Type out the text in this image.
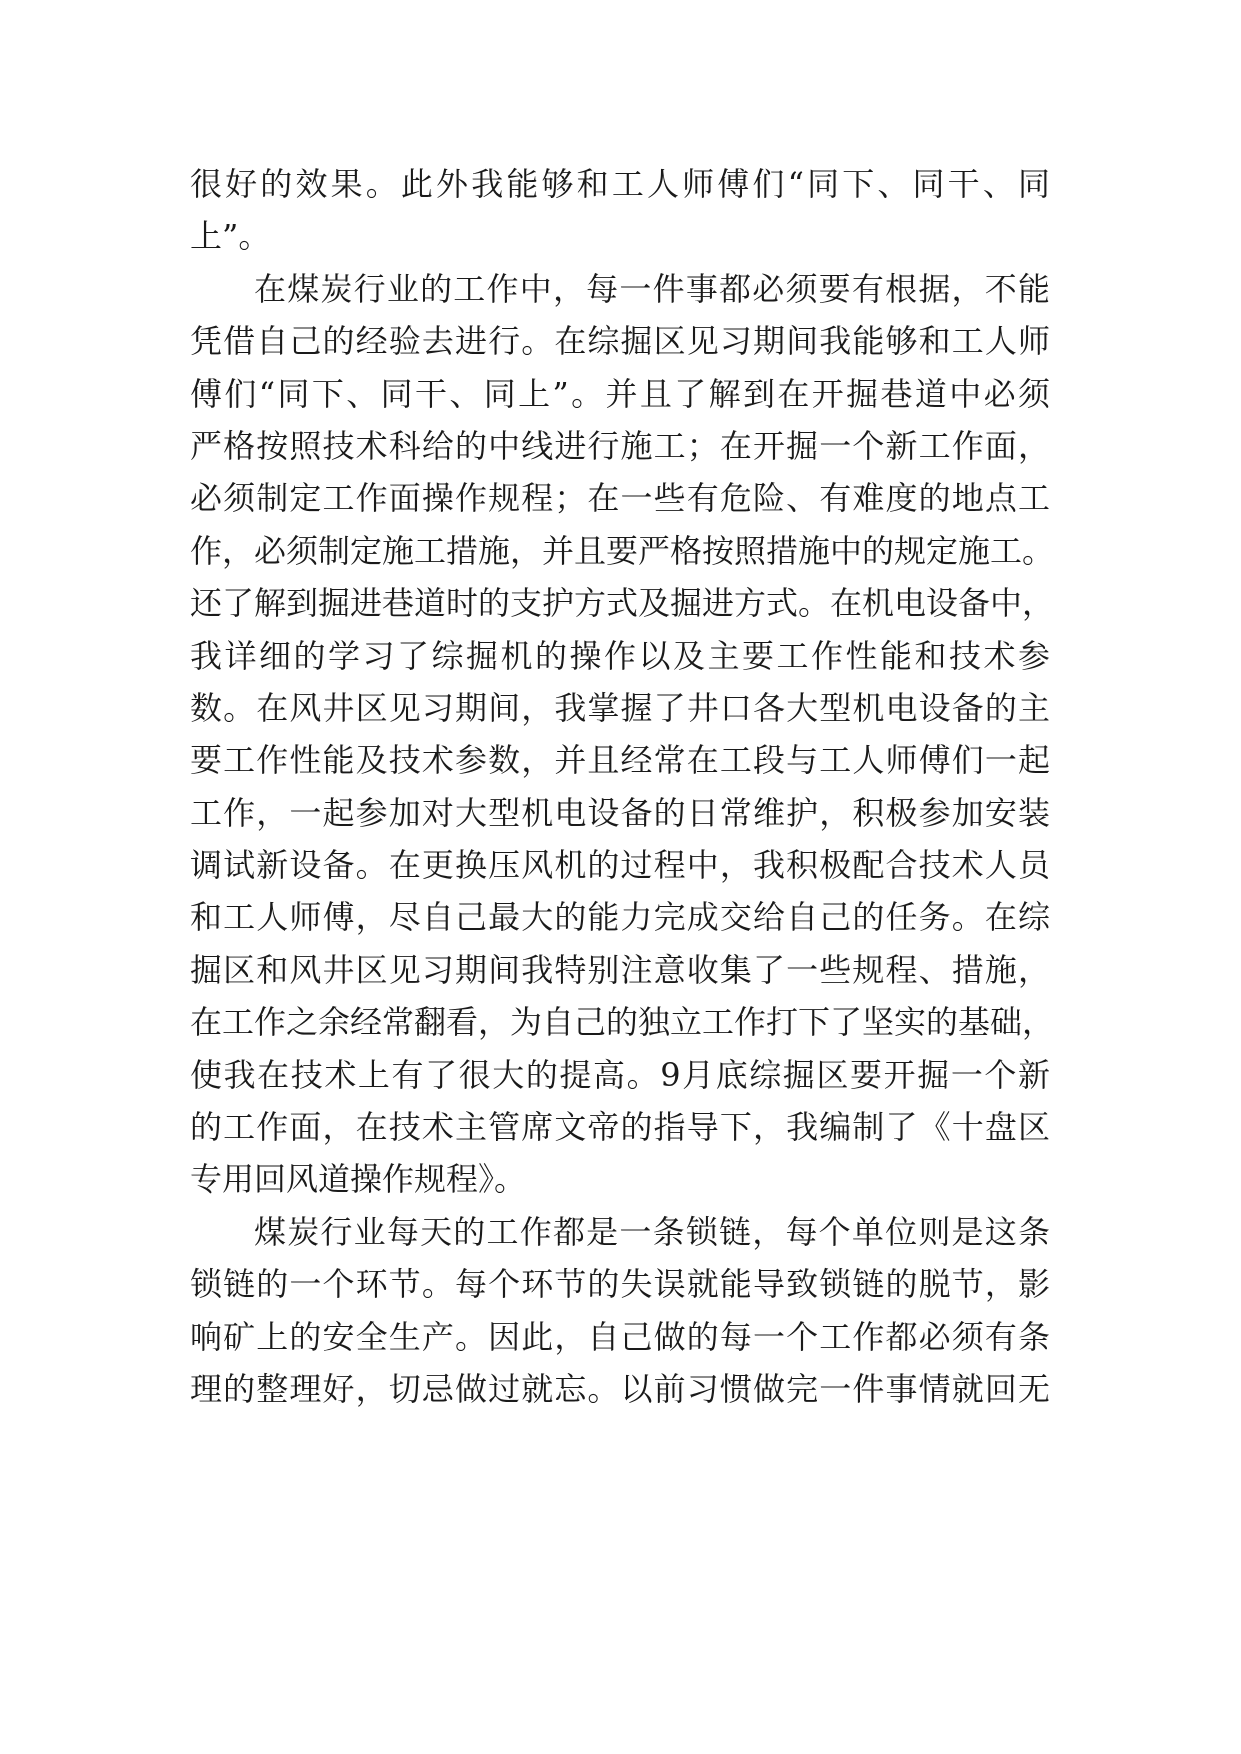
很好的效果。此外我能够和工人师傅们“同下、同干、同
上”。
在煤炭行业的工作中，每一件事都必须要有根据，不能
凭借自己的经验去进行。在综掘区见习期间我能够和工人师
傅们“同下、同干、同上”。并且了解到在开掘巷道中必须
严格按照技术科给的中线进行施工；在开掘一个新工作面，
必须制定工作面操作规程；在一些有危险、有难度的地点工
作，必须制定施工措施，并且要严格按照措施中的规定施工。
还了解到掘进巷道时的支护方式及掘进方式。在机电设备中，
我详细的学习了综掘机的操作以及主要工作性能和技术参
数。在风井区见习期间，我掌握了井口各大型机电设备的主
要工作性能及技术参数，并且经常在工段与工人师傅们一起
工作，一起参加对大型机电设备的日常维护，积极参加安装
调试新设备。在更换压风机的过程中，我积极配合技术人员
和工人师傅，尽自己最大的能力完成交给自己的任务。在综
掘区和风井区见习期间我特别注意收集了一些规程、措施，
在工作之余经常翻看，为自己的独立工作打下了坚实的基础，
使我在技术上有了很大的提高。9月底综掘区要开掘一个新
的工作面，在技术主管席文帝的指导下，我编制了《十盘区
专用回风道操作规程》。
煤炭行业每天的工作都是一条锁链，每个单位则是这条
锁链的一个环节。每个环节的失误就能导致锁链的脱节，影
响矿上的安全生产。因此，自己做的每一个工作都必须有条
理的整理好，切忌做过就忘。以前习惯做完一件事情就回无
